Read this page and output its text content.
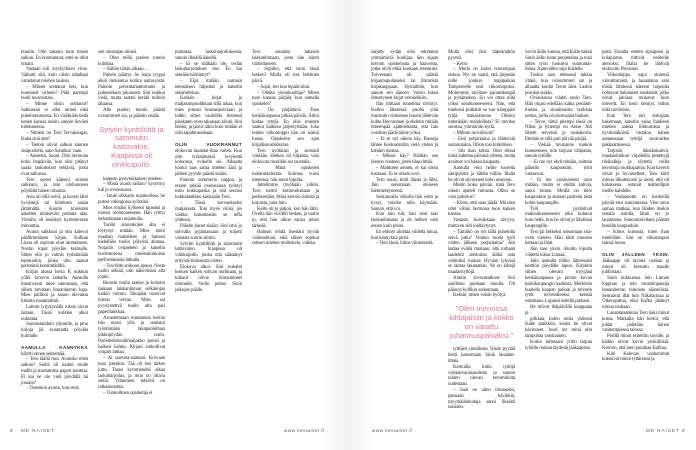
bussiin. Otin takaani tuon toisen salkun. En huomannut, ettei se ollut omani.

Vastaan tuli myrkyllinen virne. Valkotti sitä, kuin olisin tahallani varastanut miehen laukun.

– Mikset soittanut heti, kun huomasit virheen? Pidä parempi huoli tavaroistasi.

– Minne olisin soittanut? Salkussasi ei ollut nimeä eikä puhelinnumeroa. En vieläkään tiedä kenen kanssa asioin, sanoin lievästi tuohtuneena.

– Nimeni on Tero Tervakangas. Kuka sinä olet?

– Tietoni olivat salkun kannen sisäpuolella, sano Sannikoi vaan.

– Anteeksi, Sanni. Olin hermona koko iltapäivän, kun olisi pitänyt saada laskutukset tehtäviä, jotka ovat salkussa.

Tero ojensi käteeni sinisen salkkuni, ja tein olohuoneen pöydältä hänen omansa.

Asia oli sillä selvä, ja kaveri lähti hyvästejä tai kiitoksen sanaa jättämättä. Kuulin kiireisten askelten tömisevän portaita alas. Vierailu oli kestänyt kymmenisen minuuttia.

Avasin salkkuni ja otin kätevoi päällimmäisen kirjan. Kafkan Linna oli sopivan ohut aloitukseen. Nostin loput pöydän kulmalle. Sitten olin jo valmis lyshtämään lepotuoliin, jonka olin saanut perintönä kummitädiltä.

Kirjan alussa herra K nukkuu yöllä kroovin lattialla. Aamulla linnanvouti tulee sanomaan, että siihen tarvitaan linnanherran lupa. Mies pulliboi ja sanoo olevansa lutsuttu maanmittari.

Laitoin lyijykynällä ruksin sivun laitaan. Tässä kohden alkoi nukuttaa.

Sonnustauduin yöpuulle, ja pino kirjoja jäi avaamatta pöydän kulmalle.

AAMULLA KÄNNYKKÄ hälytti ennen seitsemää.

– Tero täällä moi. Avasitko eilen salkun? Siellä oli kaikki mulle mallit ja mustamma paperi puuttuu. Ei kai ne ole vieli pöydällä tai jossain?

– Tietenkin avasin, kun etsin

sen omistajan nimeä.

– Olen teillä puolen tunnin kuluttua.

– Ääliön tähän aikaan…

Puhelu päättyi. Se harja tyyppi aikoi tunkeutua kotiini aamuyöstä. Painoin peruuttamattomasti ja puhesulkuin pikaisesti. Sini nukkui vielä, mutta saattoi herätä milloin tahansa.

Alle puolen tunnin päästä ovisummeri soi, ja päästin sisään

Sytytin kynttilöitä ja sammutin kattovalon. Kaapissa oli vinkkupullo.

kalpean pystytukkaisen miehen.

– Missä avasit salkun? kysymys tuli jo ovensuussa.

– Istuin olkkarin nojatuolissa. Se putosi vahingossa syliotäni.

Mies tönäisi kylkeeni kipeästi ja marssi olohuoneeseen. Hän ryhtyi tarkastamaan nojatuolia.

Tuolin alarunkojen alta ei löytynyt mitään. Mies meni maahan mahalleen ja hamosi kädellään tuolin pölyistä alustaa. Nojailin ovipieleen ja katselin huvittuneena mielenkiintoista performanssia lattialla.

– Tuu hitto soikoon apuun. Nosta tuolin selkää, olin näkevinäni alla jotain.

Riensin tuolin taakse ja kohotin raskaan laiskanlinnan selkänojaa kaikin voimin. Takajalat nousivat himan verran. Mies sai pyydystettyä tuolin alta pari paperilaukkaa.

Aivastettuaan muutaman kerran hän nousi ylös ja onnistui työntämään takapuolellaan pikkupöydän nurin. Pariisterkristallimaljakko putosi ja halkesi kahtia. Kirjani sinkoilivat ympäri lattiaa.

– Ai saa-tota-saamari. Korvaan tuon jotenkin. Tää oli tosi tärkee juttu. Tasan kymmeneltä alkaa laskuharjoitus, ja mun on oltava siellä. Viimeinen tehtävä on ratkaisematta.

– Tunnollinen opiskelija ei

pummaa laskuharjoituksesta, sanoin ilkeällä äänellä.

– Ei se sitäkään ole, vedän laskuharjoitukset itse. En kai sentään häiriinnyt?

– Eipä mitään, vastasin teennäisen hilpeästi ja katselin sekamelskaa.

Keräsin kirjat ja maljakonpuolikkaat sillä aikaa, kun mies putsasi housunpolviaan ja loikki sitten vauhdilla tiehensä paiskaten oven takanaan kiinni. Sini heräsi, ja päivä alkoi kuin mitään ei olisi tapahtunutkaan.

OLIN VUOKRANNUT elokuvan lauantai-iltaa varten. Kun olin työntämässä levykettä koloonsa, ovikello soi. Alhaalta kuului taas sama miehen ääni ja jälleen pyyntö päästä sisään.

Painoin summerin nappia, ja ennen pitkää ovensuussa työntyi esiin kukkapuska ja sitä seurasi kukkalaatikko käsissään Tero.

– Tässä korvaukseksi maljakosta. Toin myös viiniä, jos vaikka katsottaisiin se leffa yhdessä.

Päästin hänet sisään. Sini istui jo sohvalla pyjamassaan ja tuijotti vierasta suurin silmin.

Sytytin kynttilöitä ja sammutin kattovalon. Kaapissa oli vinkkupullo, jonka olin säästänyt erityistä tilaisuutta varten.

Elokuva alkoi. Sini nukahti kesken kaiken sohvan nurkkaan, ja kiikarit olivat liimautuneet ohimolle. Vedin peiton Sinin jalkojen päälle.

Tero suuntasi takaisin laiskanlinnaan, josta hän näytti valloittaneen.

– Sopiiko, että istun tässä hetken? Mulla oli tosi hektinen päivä.

– Sopii, sen kun lepäät siinä.

– Oletko yksinhuoltaja? Miten tuon kanssa pärjäät, kun samalla opiskelet?

– On pärjättävä. Teen kenkäkaupassa pitkää päivää. Äitini hoitaa tyttöä. En olisi muuten saanut kaikkea järjestymään. Joka toinen viikonloppu hän on isänsä luona. Opiskelen sen ajan kirjallisuushistoriaa.

Tero nyökkäsi ja siemaili viiniään. Hetken oli hiljaista, vain elokuvan musiikki soi taustalla.

– Minä opiskelen tuotantotaloutta. Kolmas vuosi menossa, hän sanoi lopulta.

Juttelimme myöhään yöhön. Tero kertoi kotiseudustaan ja perheestään. Minä kerroin Sinistä ja kirjoista, joita luin.

Kello oli jo paljon, kun hän lähti. Ovella hän viivähti hetken, ja luulin jo, että hän aikoo sanoa jotain tärkeää.

Halusin tehdä itsestäni hyvän vaikutelman, eikä siihen sopinut rotisen miehen moitiskelu, vaikka

8 ME NAISET	www.menaiset.fi

särjetty sydän olisi odottanut ymmärtäviä kuulijaa. Sen sijaan kerroin opiskelusta ja haaveista, jotka eivät ehkä koskaan toteutuisi. Toiveenani oli päästä kirjastoapulaiseksi tai librististä kirjakauppaan. Hymähdin, kun sanoin sen ääneen. Voisin lukea ilmestyneet kirjat verokehkiin.

Ilan mittaan tunnelma tiivistyi. Kellon lähetessä puolta yötä muistutin viimeisen bussin lähtevän kohta Hervantaan ja ehdotin mitään ilmeenpää ajattelematta, että hän voisihan jäädä tänne yöksi.

– Ei se nyt oikein käy. Busseja lähtee Keskustorilta vielä yhden ja kahden maissa.

– Miksei käy? Näithän sen hienon vuoteen, joten tilaa riittää.

– Mahtoten aeinen, et kai oleisi tosissasi. Ei se oikein sovi.

Tero nousi, kiitti illasta ja lähti. Jäin seisomaan eteiseen hämmentyneenä.

Seuraavalla viikolla hän soitti ja kysyi, voisiko tulla käymään. Sanoin, että voi.

Kun hän tuli, hän istui taas laiskanlinnaan ja oli hetken vaiti ennen kuin puhui.

En ehtinyt aloittaa viidettä lukua, kun kännykkä pirisi.

– Tero tässä, hiitos viimeisestä.

Mulla olisi yksi häpeämätön pyyntö.

– Kerro.

– Mulla on kaksi nuorempaa siskoa. Nyt ne vaatii, että järjestän niille jonkun majapaikan Tampereelle ensi viikonlopuksi. Molemmat tarvitsee parantikengät ja pyhämekon. En voi ottaa niitä yöksi soluhuoneeseeni. Niin, että mielessä putkahti se sun kämppäsi tyhjä makuuhuone. Olisiko mitenkään mahdollista? Ei tarvitse suostua, ymmärrän kyllä.

– Milloin ne tulisivat?

– Ensi perjantaina ja lähtisivät sunnuntaina. Olisin tosi kiitollinen.

– Siis ihan kohta. Olen töissä niinä kahtena päivänä viiteen, mutta avaimet voi hakea kaupasta.

Aamulla vein heille tuoreita sämpylöitä ja lähdin töihin. Illalla he olivat siivonneet koko asunnon.

Mietin koko päivän, mitä Tero oikein ajatteli minusta. Oliko se vain palvelus?

– Kiitos, että saan jäädä. Mä olen ollut vähän hermona tuon kaiken kanssa.

Vastasin kuivakkaan sävyyn, mutta en silti kieltäytynyt.

– Tämäkö on nyt tällä puhelulla selvä juttu? Voinko tuoda tytöt viiden jälkeen perjantaina? Äiti laittaa eväitä mukaan, ällä turhaan laadehdi ateriointa äläkä osta valmiiksi ruokaa. Hyvästi lykyssä se laittaa lakanatkin. Ne on kiltejä maalaistyttöjä.

Aloitin siivoustalkoot. Sini osallistui puuhaan innolla. Oli päässyt kyllikin sotkemaan.

Keksin, miten voisin hyötyä

”Olen menossa kihlajaisiin ja kirkko on varattu juhannuspäiväksi.”

tyttöjen vierailusta. Voisin pyytää heitä katsomaan Siniä lauantai-iltana.

Kemuilla kiitin tyttöjä vieraanvaraisuudesta ja sanoin niiden olevan tervetulleita uudestaan.

– Saat ne uiten ilmaiseksi, pannaan hävikkiä, myymälänhoitaja sanoi ilkeästi nauraen.

Sovin äidin kanssa, että Kalle hakisi Sinin äidin luota perjantaina ja toisi sitten työn luokseni sunnuntai-iltana. Ajanvaihto sopi Kallelle.

Tuskin sain eteisessä takkia yltäni, kun ovisummeri soi ja alhaalta kuului Teron ääni. Laskin porukat sisään.

Oviaukossa vilahti ensin Tero. Hän ohjasi edellään kahta pesiänti- ihoista ja siniulmaista hoikkaa neitoa, joilla oli olenvaalat hiukset.

– Terve, tämä pitempi tässä on Niina ja lyhempi on Anne. Äiti lähetti terveisiä ja ruokakorin. Ettehän te sillä pari päivää pärjää.

– Viekää tavaranne tuokon huoneeseen, niin tarjoan välipalan, sanoin tytöille.

– Ei me nyt ehdi mitään, osittain päästiin kaupunkiin, tytöt vastasivat.

– Ei me varsinaisesti sano mitään, mutta ei ehditä kahvia, sanoi toinen. Meillä on kiire kaupunkiin ja aiotaan paimota tästä kohta kaupungille.

Työt pyrähtivät makuuhuoneeseen eikä kulunut kuin hetki, kun he olivat jo lähdössä kaupungille.

Tero jäi hetkeksi seisomaan sisä-oven viereen. Hän kiitti moneen kertaan ja lähti.

Jäin taas yksin. Aloitin lopulta viidettä lukua Linnaa.

Jätin aamulla töihin lähtiessäni keittiön pöydälle lapun. Kirjoitin siihen olevani myyjänä kenkäkaupassa ja piirsin kuvan keskikaupungin kaduista. Merkitsin huolella kaupan paikan ja toivotin tytöt tervetulleeksi kenkiä ostamaan. Lupasin esitellä parhaat.

He tulivat iltäpäivällä kauppaan ja

pirkkaa, kuten omia yhdessä Kalle pankkiin, koska he olivat hävinneet. Juuri nyt minä olin lampuista varsinainen.

Kotiin tullessani yritin tarjota tytöille ruokaa täydestä jääkaapista.

pista. Ennalta ostettu sipsipussi ja kolajuoma riittivät neideille aterioksi. Illalla he lähtivät elokuviin Plevnaan.

Viikonloppu sujui siniensä vaivattomasti, ja lauantaina sain töistä lähtiessä käteeni hopealta hohtavat italialaiset sandaletit, jotka olivat jaloissa mukavat kuin tohvelit. En tosin tiennyt, mihin niitä tarvitsisin.

Kun Tero tuli sisksjaan hakemaan, katselin salaa ihailleen miehen saleaa liikkumista ja hyvännäköistä vartaloa hänen auttaessaan tyttöjä tavaroiden pakkaamisessa.

Tarjosin läksiäiskahvit, maalaiskinkun viipaleilla peitettyjä riisikalleja ja täytettä voilla leivottuja mokkapaloja. Kun kaverit olivat jo hyvästelleet, Tero kiitti minua liikuttavasti ja sanoi, että oli kiitoksena ostanut teatteriliput meille kahdelle.

– Vastaanotto on kenkeillä päivää ensi sunnuntaina. Vien sinut samaa matkaa, kun lähden itsekin omalla autolla, lähtö on jo lauantaina. Sunnuntai-iltana päästet bussilla kaupunkiin.

– Kiitos kutsusta, tulen ihan mielelläni. Sini on viikonlopun isänsä luona.

OLIN JÄLLEEN YKSIN. Jääkaappi oli täynnä ruokaa ja minut oli kutsuttu maalle juhlimaan.

Sinin nukkuessa luin Linnan loppuun ja tein muistiinpanoja linnanherran tiukoista säännöistä. Seuraavat illat luin Näkätarinaa ja Oikeusjuttua, eikä Kafka jättänyt minua rauhaan.

Lauantaiaamuna Tero haki minut kotoa. Matkalla hän kertoi, että juhlat pidetään hänen vanhempiensa talossa.

Perillä minut esiteltiin suvulle, ja kaikki olivat kovin ystävällisiä. Kerroin, että luen paraikaa Kafkaa.

Kati Kalevan vanhemmat kutsuivat minut tyttärensä ja

www.menaiset.fi	ME NAISET 9
